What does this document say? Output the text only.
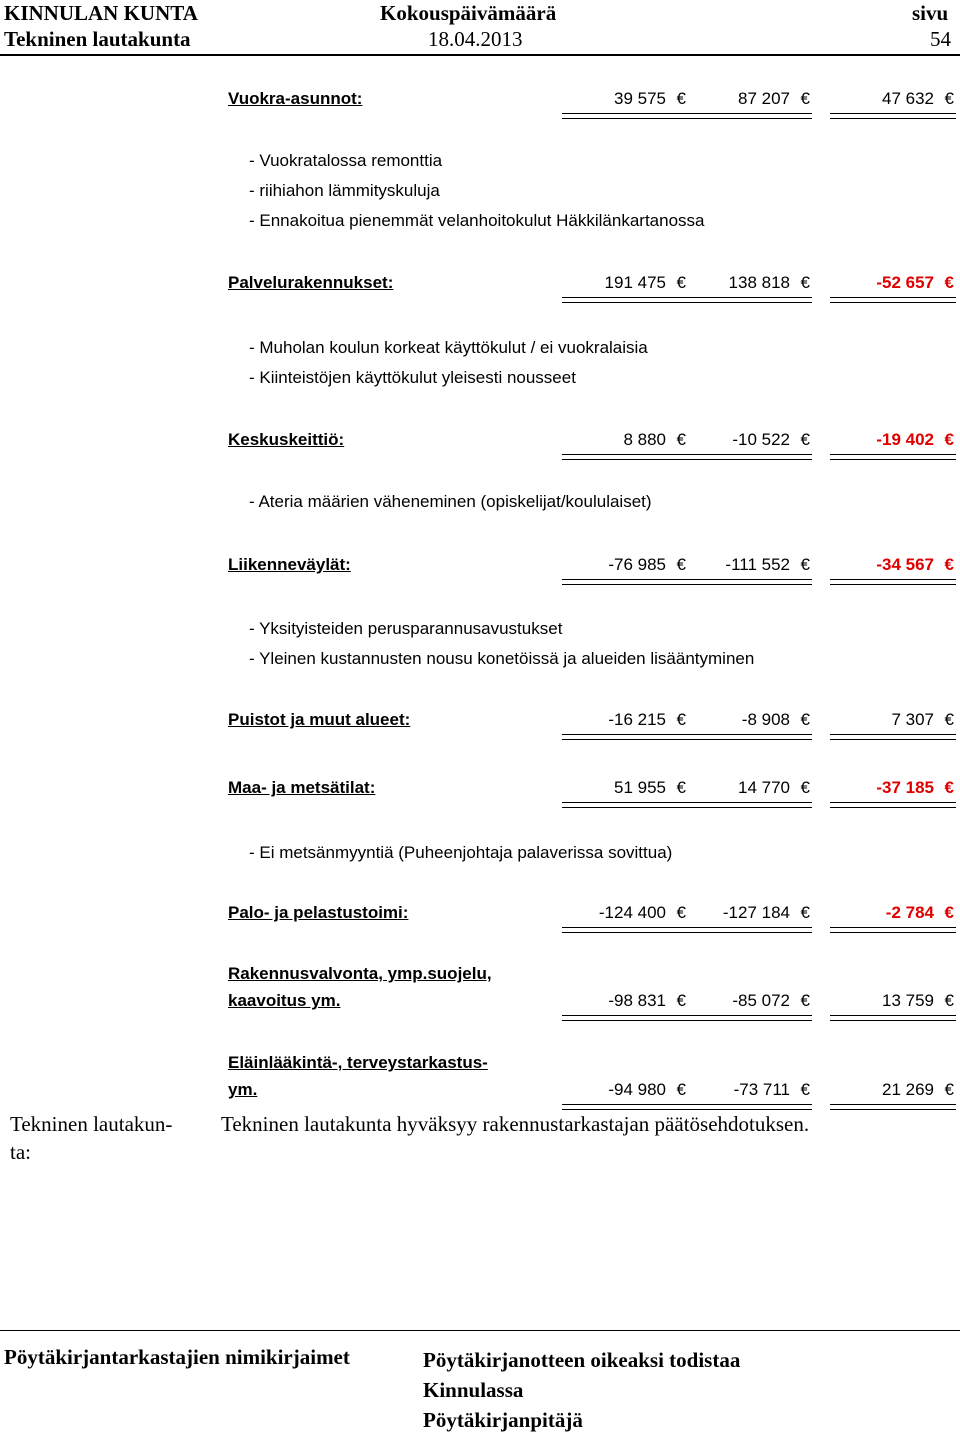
KINNULAN KUNTA
Tekninen lautakunta
Kokouspäivämäärä
18.04.2013
sivu
54
Vuokra-asunnot:	39 575 €	87 207 €	47 632 €
- Vuokratalossa remonttia
- riihiahon lämmityskuluja
- Ennakoitua pienemmät velanhoitokulut Häkkilänkartanossa
Palvelurakennukset:	191 475 €	138 818 €	-52 657 €
- Muholan koulun korkeat käyttökulut / ei vuokralaisia
- Kiinteistöjen käyttökulut yleisesti nousseet
Keskuskeittiö:	8 880 €	-10 522 €	-19 402 €
- Ateria määrien väheneminen (opiskelijat/koululaiset)
Liikenneväylät:	-76 985 €	-111 552 €	-34 567 €
- Yksityisteiden perusparannusavustukset
- Yleinen kustannusten nousu konetöissä ja alueiden lisääntyminen
Puistot ja muut alueet:	-16 215 €	-8 908 €	7 307 €
Maa- ja metsätilat:	51 955 €	14 770 €	-37 185 €
- Ei metsänmyyntiä (Puheenjohtaja palaverissa sovittua)
Palo- ja pelastustoimi:	-124 400 €	-127 184 €	-2 784 €
Rakennusvalvonta, ymp.suojelu,
kaavoitus ym.	-98 831 €	-85 072 €	13 759 €
Eläinlääkintä-, terveystarkastus-
ym.	-94 980 €	-73 711 €	21 269 €
Tekninen lautakun-
ta:
Tekninen lautakunta hyväksyy rakennustarkastajan päätösehdotuksen.
Pöytäkirjantarkastajien nimikirjaimet	Pöytäkirjanotteen oikeaksi todistaa
Kinnulassa
Pöytäkirjanpitäjä
